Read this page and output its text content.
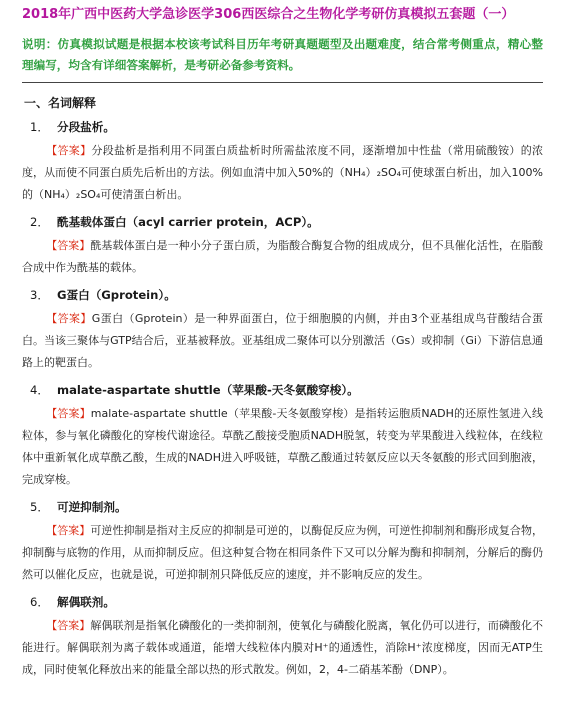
2018年广西中医药大学急诊医学306西医综合之生物化学考研仿真模拟五套题（一）
说明：仿真模拟试题是根据本校该考试科目历年考研真题题型及出题难度，结合常考侧重点，精心整理编写，均含有详细答案解析，是考研必备参考资料。
一、名词解释
1． 分段盐析。
【答案】分段盐析是指利用不同蛋白质盐析时所需盐浓度不同，逐渐增加中性盐（常用硫酸铵）的浓度，从而使不同蛋白质先后析出的方法。例如血清中加入50%的（NH₄）₂SO₄可使球蛋白析出，加入100%的（NH₄）₂SO₄可使清蛋白析出。
2． 酰基载体蛋白（acyl carrier protein，ACP）。
【答案】酰基载体蛋白是一种小分子蛋白质，为脂酸合酶复合物的组成成分，但不具催化活性，在脂酸合成中作为酰基的载体。
3． G蛋白（Gprotein）。
【答案】G蛋白（Gprotein）是一种界面蛋白，位于细胞膜的内侧，并由3个亚基组成鸟苷酸结合蛋白。当该三聚体与GTP结合后，亚基被释放。亚基组成二聚体可以分别激活（Gs）或抑制（Gi）下游信息通路上的靶蛋白。
4． malate-aspartate shuttle（苹果酸-天冬氨酸穿梭）。
【答案】malate-aspartate shuttle（苹果酸-天冬氨酸穿梭）是指转运胞质NADH的还原性氢进入线粒体，参与氧化磷酸化的穿梭代谢途径。草酰乙酸接受胞质NADH脱氢，转变为苹果酸进入线粒体，在线粒体中重新氧化成草酰乙酸，生成的NADH进入呼吸链，草酰乙酸通过转氨反应以天冬氨酸的形式回到胞液，完成穿梭。
5． 可逆抑制剂。
【答案】可逆性抑制是指对主反应的抑制是可逆的，以酶促反应为例，可逆性抑制剂和酶形成复合物，抑制酶与底物的作用，从而抑制反应。但这种复合物在相同条件下又可以分解为酶和抑制剂，分解后的酶仍然可以催化反应，也就是说，可逆抑制剂只降低反应的速度，并不影响反应的发生。
6． 解偶联剂。
【答案】解偶联剂是指氧化磷酸化的一类抑制剂，使氧化与磷酸化脱离，氧化仍可以进行，而磷酸化不能进行。解偶联剂为离子载体或通道，能增大线粒体内膜对H⁺的通透性，消除H⁺浓度梯度，因而无ATP生成，同时使氧化释放出来的能量全部以热的形式散发。例如，2，4-二硝基苯酚（DNP）。
